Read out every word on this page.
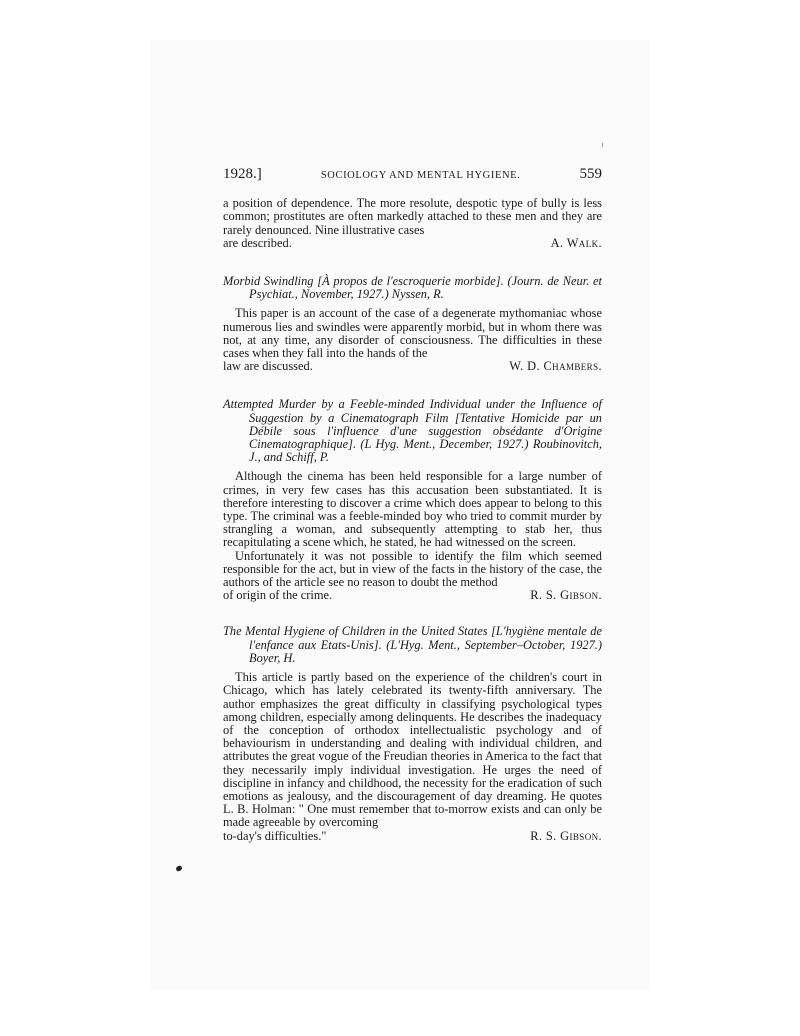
1928.]	SOCIOLOGY AND MENTAL HYGIENE.	559

a position of dependence. The more resolute, despotic type of bully is less common; prostitutes are often markedly attached to these men and they are rarely denounced. Nine illustrative cases

are described.	A. Walk.

Morbid Swindling [À propos de l'escroquerie morbide]. (Journ. de Neur. et Psychiat., November, 1927.) Nyssen, R.

This paper is an account of the case of a degenerate mythomaniac whose numerous lies and swindles were apparently morbid, but in whom there was not, at any time, any disorder of consciousness. The difficulties in these cases when they fall into the hands of the

law are discussed.	W. D. Chambers.

Attempted Murder by a Feeble-minded Individual under the Influence of Suggestion by a Cinematograph Film [Tentative Homicide par un Débile sous l'influence d'une suggestion obsédante d'Origine Cinematographique]. (L Hyg. Ment., December, 1927.) Roubinovitch, J., and Schiff, P.

Although the cinema has been held responsible for a large number of crimes, in very few cases has this accusation been substantiated. It is therefore interesting to discover a crime which does appear to belong to this type. The criminal was a feeble-minded boy who tried to commit murder by strangling a woman, and subsequently attempting to stab her, thus recapitulating a scene which, he stated, he had witnessed on the screen.

Unfortunately it was not possible to identify the film which seemed responsible for the act, but in view of the facts in the history of the case, the authors of the article see no reason to doubt the method

of origin of the crime.	R. S. Gibson.

The Mental Hygiene of Children in the United States [L'hygiène mentale de l'enfance aux Etats-Unis]. (L'Hyg. Ment., September–October, 1927.) Boyer, H.

This article is partly based on the experience of the children's court in Chicago, which has lately celebrated its twenty-fifth anniversary. The author emphasizes the great difficulty in classifying psychological types among children, especially among delinquents. He describes the inadequacy of the conception of orthodox intellectualistic psychology and of behaviourism in understanding and dealing with individual children, and attributes the great vogue of the Freudian theories in America to the fact that they necessarily imply individual investigation. He urges the need of discipline in infancy and childhood, the necessity for the eradication of such emotions as jealousy, and the discouragement of day dreaming. He quotes L. B. Holman: " One must remember that to-morrow exists and can only be made agreeable by overcoming

to-day's difficulties."	R. S. Gibson.
